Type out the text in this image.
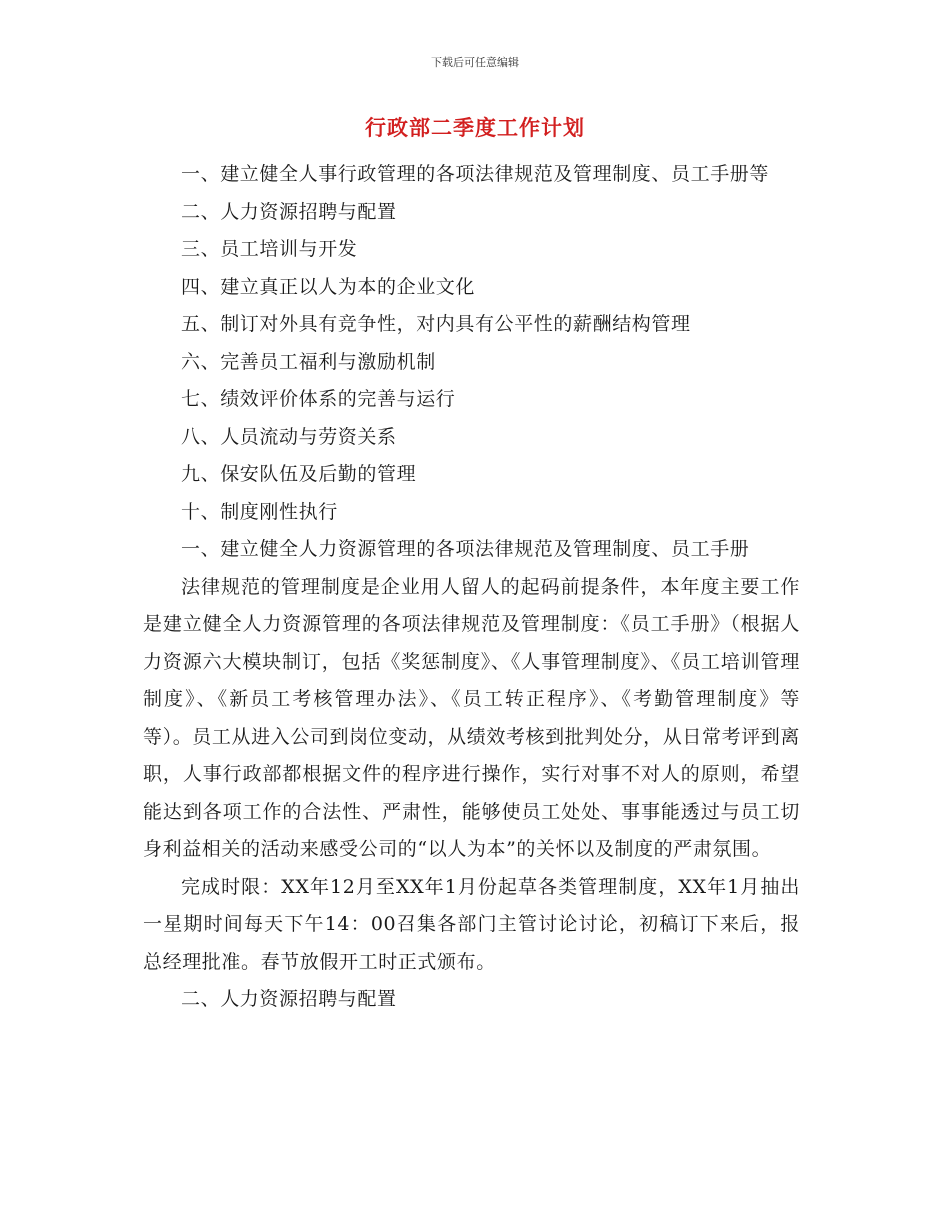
下载后可任意编辑
行政部二季度工作计划

一、建立健全人事行政管理的各项法律规范及管理制度、员工手册等

二、人力资源招聘与配置

三、员工培训与开发

四、建立真正以人为本的企业文化

五、制订对外具有竞争性，对内具有公平性的薪酬结构管理

六、完善员工福利与激励机制

七、绩效评价体系的完善与运行

八、人员流动与劳资关系

九、保安队伍及后勤的管理

十、制度刚性执行

一、建立健全人力资源管理的各项法律规范及管理制度、员工手册

法律规范的管理制度是企业用人留人的起码前提条件，本年度主要工作是建立健全人力资源管理的各项法律规范及管理制度：《员工手册》（根据人力资源六大模块制订，包括《奖惩制度》、《人事管理制度》、《员工培训管理制度》、《新员工考核管理办法》、《员工转正程序》、《考勤管理制度》等等）。员工从进入公司到岗位变动，从绩效考核到批判处分，从日常考评到离职，人事行政部都根据文件的程序进行操作，实行对事不对人的原则，希望能达到各项工作的合法性、严肃性，能够使员工处处、事事能透过与员工切身利益相关的活动来感受公司的“以人为本”的关怀以及制度的严肃氛围。

完成时限：XX年12月至XX年1月份起草各类管理制度，XX年1月抽出一星期时间每天下午14：00召集各部门主管讨论讨论，初稿订下来后，报总经理批准。春节放假开工时正式颁布。

二、人力资源招聘与配置
